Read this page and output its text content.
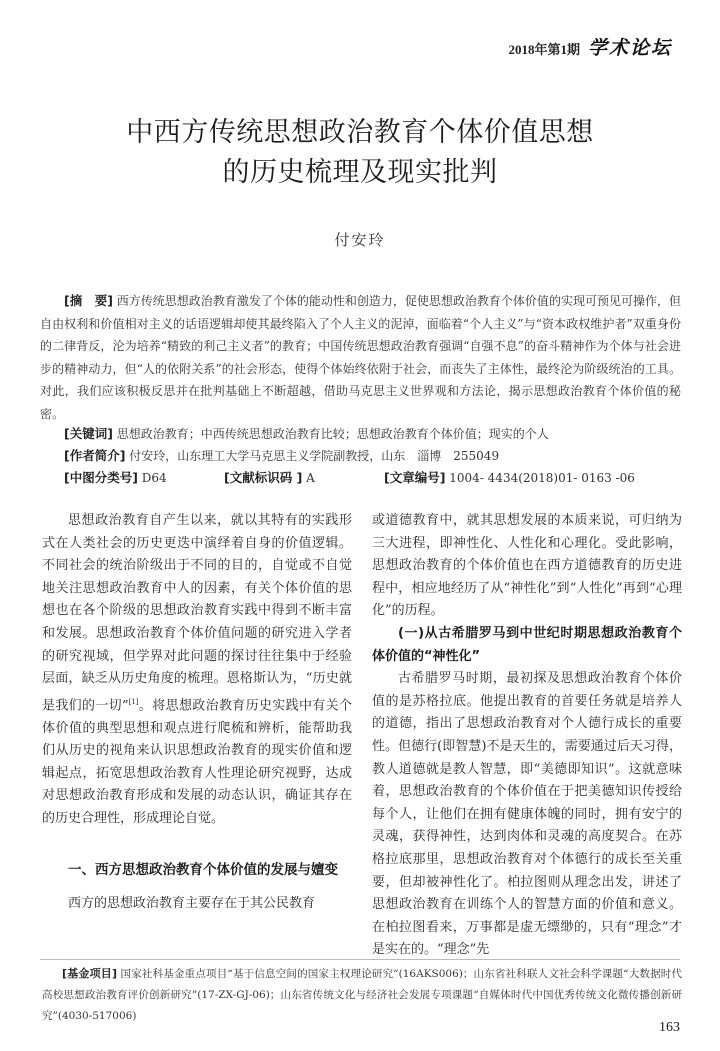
2018年第1期 学术论坛
中西方传统思想政治教育个体价值思想
的历史梳理及现实批判
付安玲
[摘　要] 西方传统思想政治教育激发了个体的能动性和创造力，促使思想政治教育个体价值的实现可预见可操作，但自由权利和价值相对主义的话语逻辑却使其最终陷入了个人主义的泥淖，面临着“个人主义”与“资本政权维护者”双重身份的二律背反，沦为培养“精致的利己主义者”的教育；中国传统思想政治教育强调“自强不息”的奋斗精神作为个体与社会进步的精神动力，但“人的依附关系”的社会形态，使得个体始终依附于社会，而丧失了主体性，最终沦为阶级统治的工具。对此，我们应该积极反思并在批判基础上不断超越，借助马克思主义世界观和方法论，揭示思想政治教育个体价值的秘密。
[关键词] 思想政治教育；中西传统思想政治教育比较；思想政治教育个体价值；现实的个人
[作者简介] 付安玲，山东理工大学马克思主义学院副教授，山东　淄博　255049
[中图分类号] D64	[文献标识码 ] A	[文章编号] 1004- 4434(2018)01- 0163 -06

思想政治教育自产生以来，就以其特有的实践形式在人类社会的历史更迭中演绎着自身的价值逻辑。不同社会的统治阶级出于不同的目的，自觉或不自觉地关注思想政治教育中人的因素，有关个体价值的思想也在各个阶级的思想政治教育实践中得到不断丰富和发展。思想政治教育个体价值问题的研究进入学者的研究视域，但学界对此问题的探讨往往集中于经验层面，缺乏从历史角度的梳理。恩格斯认为，“历史就是我们的一切”[1]。将思想政治教育历史实践中有关个体价值的典型思想和观点进行爬梳和辨析，能帮助我们从历史的视角来认识思想政治教育的现实价值和逻辑起点，拓宽思想政治教育人性理论研究视野，达成对思想政治教育形成和发展的动态认识，确证其存在的历史合理性，形成理论自觉。

一、西方思想政治教育个体价值的发展与嬗变

西方的思想政治教育主要存在于其公民教育

或道德教育中，就其思想发展的本质来说，可归纳为三大进程，即神性化、人性化和心理化。受此影响，思想政治教育的个体价值也在西方道德教育的历史进程中，相应地经历了从“神性化”到“人性化”再到“心理化”的历程。

(一)从古希腊罗马到中世纪时期思想政治教育个体价值的“神性化”

古希腊罗马时期，最初探及思想政治教育个体价值的是苏格拉底。他提出教育的首要任务就是培养人的道德，指出了思想政治教育对个人德行成长的重要性。但德行(即智慧)不是天生的，需要通过后天习得，教人道德就是教人智慧，即“美德即知识”。这就意味着，思想政治教育的个体价值在于把美德知识传授给每个人，让他们在拥有健康体魄的同时，拥有安宁的灵魂，获得神性，达到肉体和灵魂的高度契合。在苏格拉底那里，思想政治教育对个体德行的成长至关重要，但却被神性化了。柏拉图则从理念出发，讲述了思想政治教育在训练个人的智慧方面的价值和意义。在柏拉图看来，万事都是虚无缥缈的，只有“理念”才是实在的。“理念”先

[基金项目] 国家社科基金重点项目“基于信息空间的国家主权理论研究”(16AKS006)；山东省社科联人文社会科学课题“大数据时代高校思想政治教育评价创新研究”(17-ZX-GJ-06)；山东省传统文化与经济社会发展专项课题“自媒体时代中国优秀传统文化微传播创新研究”(4030-517006)
163
